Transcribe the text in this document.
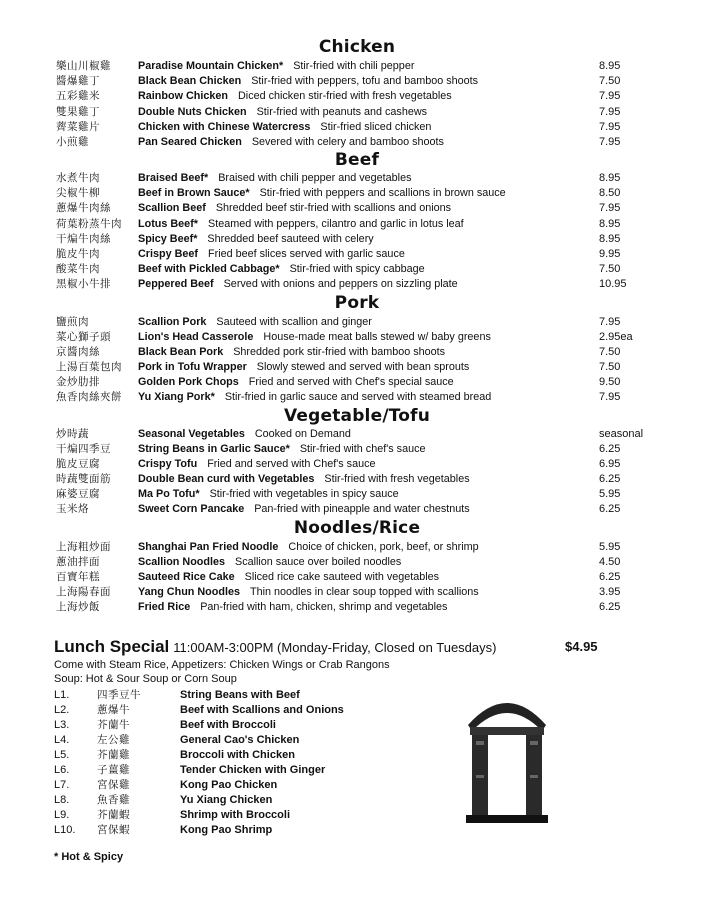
Chicken
樂山川椒雞	Paradise Mountain Chicken* Stir-fried with chili pepper	8.95
醬爆雞丁	Black Bean Chicken Stir-fried with peppers, tofu and bamboo shoots	7.50
五彩雞米	Rainbow Chicken Diced chicken stir-fried with fresh vegetables	7.95
雙果雞丁	Double Nuts Chicken Stir-fried with peanuts and cashews	7.95
薺菜雞片	Chicken with Chinese Watercress Stir-fried sliced chicken	7.95
小煎雞	Pan Seared Chicken Severed with celery and bamboo shoots	7.95
Beef
水煮牛肉	Braised Beef* Braised with chili pepper and vegetables	8.95
尖椒牛柳	Beef in Brown Sauce* Stir-fried with peppers and scallions in brown sauce	8.50
蔥爆牛肉絲	Scallion Beef Shredded beef stir-fried with scallions and onions	7.95
荷葉粉蒸牛肉 Lotus Beef* Steamed with peppers, cilantro and garlic in lotus leaf	8.95
干煸牛肉絲	Spicy Beef* Shredded beef sauteed with celery	8.95
脆皮牛肉	Crispy Beef Fried beef slices served with garlic sauce	9.95
酸菜牛肉	Beef with Pickled Cabbage* Stir-fried with spicy cabbage	7.50
黑椒小牛排	Peppered Beef Served with onions and peppers on sizzling plate	10.95
Pork
鹽煎肉	Scallion Pork Sauteed with scallion and ginger	7.95
菜心獅子頭	Lion's Head Casserole House-made meat balls stewed w/ baby greens	2.95ea
京醬肉絲	Black Bean Pork Shredded pork stir-fried with bamboo shoots	7.50
上湯百葉包肉 Pork in Tofu Wrapper Slowly stewed and served with bean sprouts	7.50
金炒肋排	Golden Pork Chops Fried and served with Chef's special sauce	9.50
魚香肉絲夾餅 Yu Xiang Pork* Stir-fried in garlic sauce and served with steamed bread	7.95
Vegetable/Tofu
炒時蔬	Seasonal Vegetables Cooked on Demand	seasonal
干煸四季豆	String Beans in Garlic Sauce* Stir-fried with chef's sauce	6.25
脆皮豆腐	Crispy Tofu Fried and served with Chef's sauce	6.95
時蔬雙面筋	Double Bean curd with Vegetables Stir-fried with fresh vegetables	6.25
麻婆豆腐	Ma Po Tofu* Stir-fried with vegetables in spicy sauce	5.95
玉米烙	Sweet Corn Pancake Pan-fried with pineapple and water chestnuts	6.25
Noodles/Rice
上海粗炒面	Shanghai Pan Fried Noodle Choice of chicken, pork, beef, or shrimp	5.95
蔥油拌面	Scallion Noodles Scallion sauce over boiled noodles	4.50
百寶年糕	Sauteed Rice Cake Sliced rice cake sauteed with vegetables	6.25
上海陽春面	Yang Chun Noodles Thin noodles in clear soup topped with scallions	3.95
上海炒飯	Fried Rice Pan-fried with ham, chicken, shrimp and vegetables	6.25
Lunch Special 11:00AM-3:00PM (Monday-Friday, Closed on Tuesdays)	$4.95
Come with Steam Rice, Appetizers: Chicken Wings or Crab Rangons
Soup: Hot & Sour Soup or Corn Soup
L1.	四季豆牛	String Beans with Beef
L2.	蔥爆牛	Beef with Scallions and Onions
L3.	芥蘭牛	Beef with Broccoli
L4.	左公雞	General Cao's Chicken
L5.	芥蘭雞	Broccoli with Chicken
L6.	子薑雞	Tender Chicken with Ginger
L7.	宮保雞	Kong Pao Chicken
L8.	魚香雞	Yu Xiang Chicken
L9.	芥蘭蝦	Shrimp with Broccoli
L10. 宮保蝦	Kong Pao Shrimp
* Hot & Spicy
